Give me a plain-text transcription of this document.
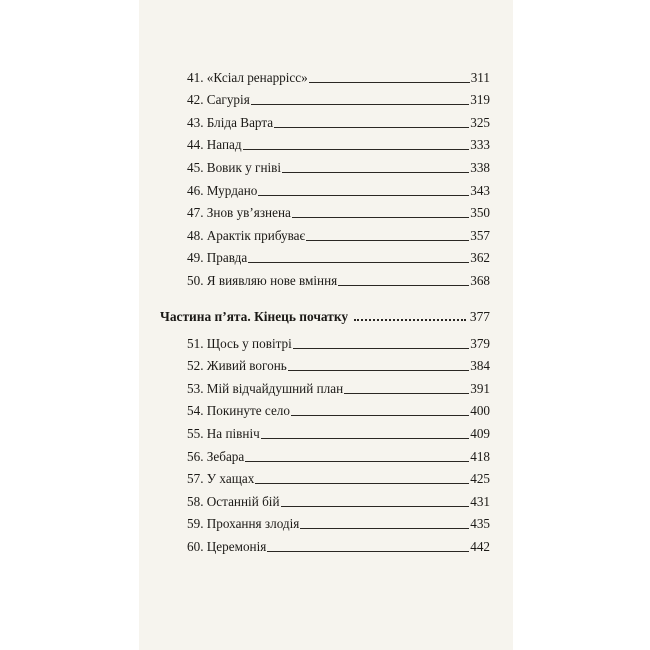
41. «Ксіал ренаррісс»	311
42. Сагурія	319
43. Бліда Варта	325
44. Напад	333
45. Вовик у гніві	338
46. Мурдано	343
47. Знов ув’язнена	350
48. Арактік прибуває	357
49. Правда	362
50. Я виявляю нове вміння	368
Частина п’ята. Кінець початку	377
51. Щось у повітрі	379
52. Живий вогонь	384
53. Мій відчайдушний план	391
54. Покинуте село	400
55. На північ	409
56. Зебара	418
57. У хащах	425
58. Останній бій	431
59. Прохання злодія	435
60. Церемонія	442
